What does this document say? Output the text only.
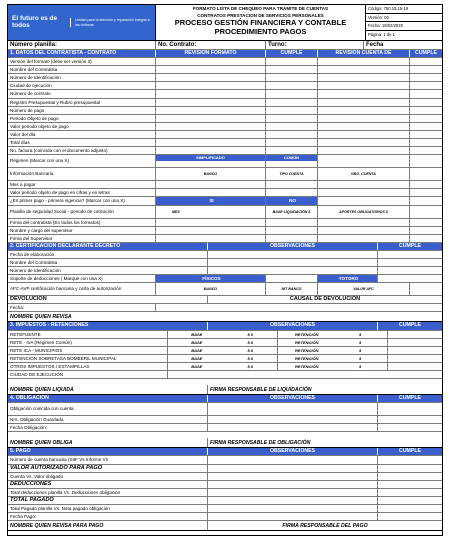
El futuro es de todos
Unidad para la atención y reparación integral a las víctimas
FORMATO LISTA DE CHEQUEO PARA TRAMITE DE CUENTAS
CONTRATOS PRESTACION DE SERVICIOS PERSONALES
PROCESO GESTIÓN FINANCIERA Y CONTABLE
PROCEDIMIENTO PAGOS
Código: 750.15.15-19
Versión: 02
Fecha: 19/02/2020
Página: 1 de 1
Número planilla:	No. Contrato:	Turno:	Fecha
1. DATOS DEL CONTRATISTA - CONTRATO	REVISION FORMATO	CUMPLE	REVISION CUENTA DE	CUMPLE
Versión del formato (debe ser versión 3)
Nombre del Contratista
Número de Identificación
Ciudad de ejecución
Número de contrato
Registro Presupuestal y Rubro presupuestal
Número de pago
Periodo Objeto de pago
Valor periodo objeto de pago
Valor del día
Total días
No. factura (coincida con el documento adjunto)
Régimen (Marcar con una X)
SIMPLIFICADO	COMÚN
Información Bancaria	BANCO	TIPO CUENTA	NRO. CUENTA
Mes a pagar
Valor periodo objeto de pago en cifras y en letras
¿Es primer pago - primera vigencia? (Marcar con una X)	SI	NO
Planilla de seguridad Social - periodo de cotización	MES	BASE LIQUIDACIÓN $	APORTES OBLIGATORIOS $
Firma del contratista (En todos los formatos)
Nombre y cargo del supervisor
Firma del Supervisor
2. CERTIFICACIÓN DECLARANTE DECRETO	OBSERVACIONES	CUMPLE
Fecha de elaboración
Nombre del Contratista
Número de Identificación
Soporte de deducciones ( Marque con una X)	FÍSICOS	TOTORO
AFC-AVP certificación bancaria y carta de autorización	BANCO	NIT BANCO	VALOR AFC
DEVOLUCIÓN	CAUSAL DE DEVOLUCIÓN
Fecha:
NOMBRE QUIEN REVISA
3. IMPUESTOS - RETENCIONES	OBSERVACIONES	CUMPLE
RETEFUENTE	BASE	$ 0	RETENCIÓN	$
RETE - IVA (Régimen Común)	BASE	$ 0	RETENCIÓN	$
RETE ICA - MUNICIPIOS	BASE	$ 0	RETENCIÓN	$
RETENCIÓN SOBRETASA BOMBERIL MUNICIPAL	BASE	$ 0	RETENCIÓN	$
OTROS IMPUESTOS / ESTAMPILLAS	BASE	$ 0	RETENCIÓN	$
CIUDAD DE EJECUCIÓN
NOMBRE QUIEN LIQUIDA	FIRMA RESPONSABLE DE LIQUIDACIÓN
4. OBLIGACIÓN	OBSERVACIONES	CUMPLE
Obligación coincida con cuenta
Nro. Obligación Guardada
Fecha Obligación:
NOMBRE QUIEN OBLIGA	FIRMA RESPONSABLE DE OBLIGACIÓN
5. PAGO	OBSERVACIONES	CUMPLE
Número de cuenta bancaria (SIIF Vs Informe Vs
VALOR AUTORIZADO PARA PAGO
Cuenta Vs. Valor obligado
DEDUCCIONES
Total deducciones planilla Vs. Deducciones obligación
TOTAL PAGADO
Total Pagado planilla Vs. Nota pagado obligación
Fecha Pago:
NOMBRE QUIEN REVISA PARA PAGO	FIRMA RESPONSABLE DEL PAGO
